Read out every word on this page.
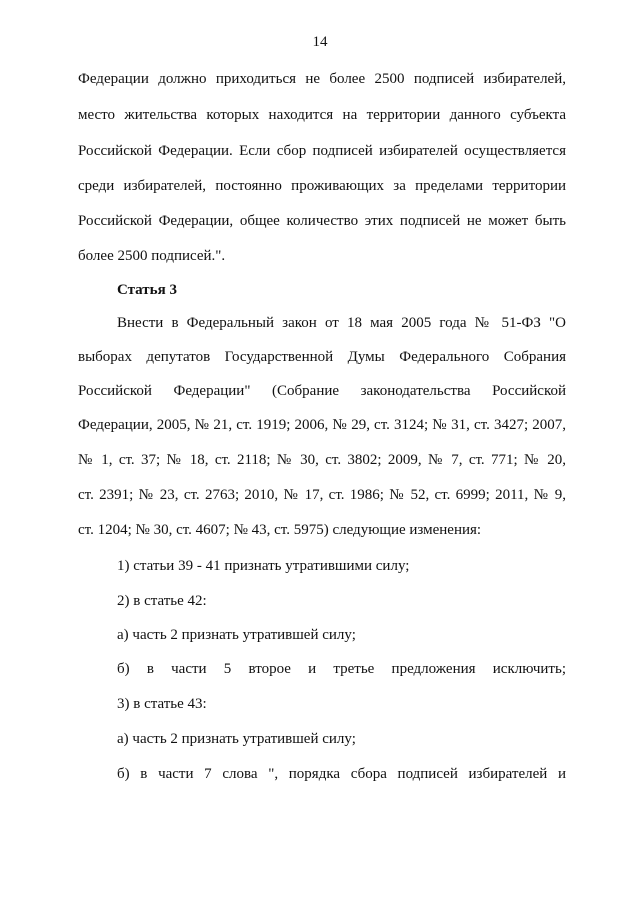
14
Федерации должно приходиться не более 2500 подписей избирателей,
место жительства которых находится на территории данного субъекта
Российской Федерации. Если сбор подписей избирателей осуществляется
среди избирателей, постоянно проживающих за пределами территории
Российской Федерации, общее количество этих подписей не может быть
более 2500 подписей.".
Статья 3
Внести в Федеральный закон от 18 мая 2005 года № 51-ФЗ "О
выборах депутатов Государственной Думы Федерального Собрания
Российской Федерации" (Собрание законодательства Российской
Федерации, 2005, № 21, ст. 1919; 2006, № 29, ст. 3124; № 31, ст. 3427; 2007,
№ 1, ст. 37; № 18, ст. 2118; № 30, ст. 3802; 2009, № 7, ст. 771; № 20,
ст. 2391; № 23, ст. 2763; 2010, № 17, ст. 1986; № 52, ст. 6999; 2011, № 9,
ст. 1204; № 30, ст. 4607; № 43, ст. 5975) следующие изменения:
1) статьи 39 - 41 признать утратившими силу;
2) в статье 42:
а) часть 2 признать утратившей силу;
б) в части 5 второе и третье предложения исключить;
3) в статье 43:
а) часть 2 признать утратившей силу;
б) в части 7 слова ", порядка сбора подписей избирателей и
